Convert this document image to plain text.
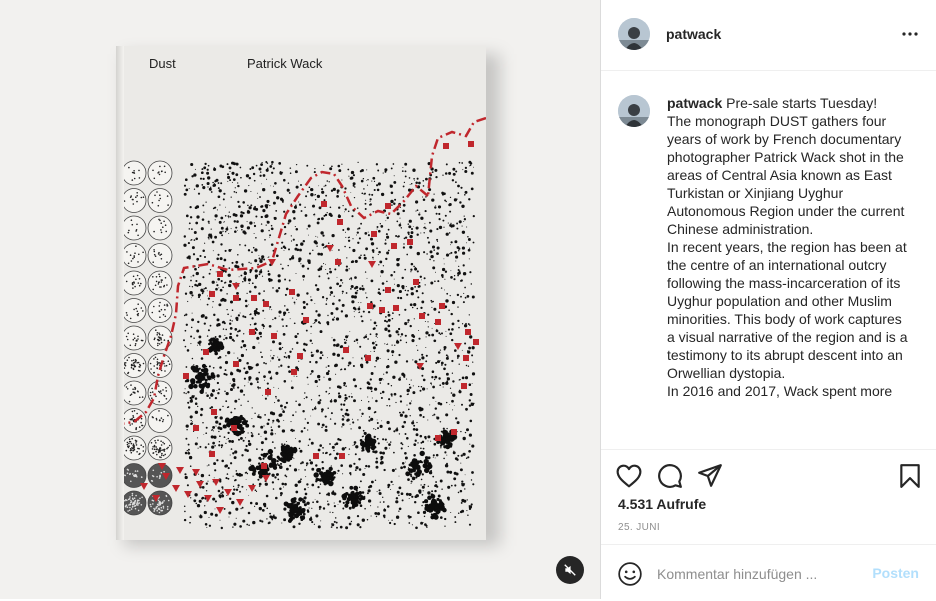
Dust	Patrick Wack
patwack
patwack Pre-sale starts Tuesday!
The monograph DUST gathers four years of work by French documentary photographer Patrick Wack shot in the areas of Central Asia known as East Turkistan or Xinjiang Uyghur Autonomous Region under the current Chinese administration.
In recent years, the region has been at the centre of an international outcry following the mass-incarceration of its Uyghur population and other Muslim minorities. This body of work captures a visual narrative of the region and is a testimony to its abrupt descent into an Orwellian dystopia.
In 2016 and 2017, Wack spent more
4.531 Aufrufe
25. JUNI
Kommentar hinzufügen ...
Posten
